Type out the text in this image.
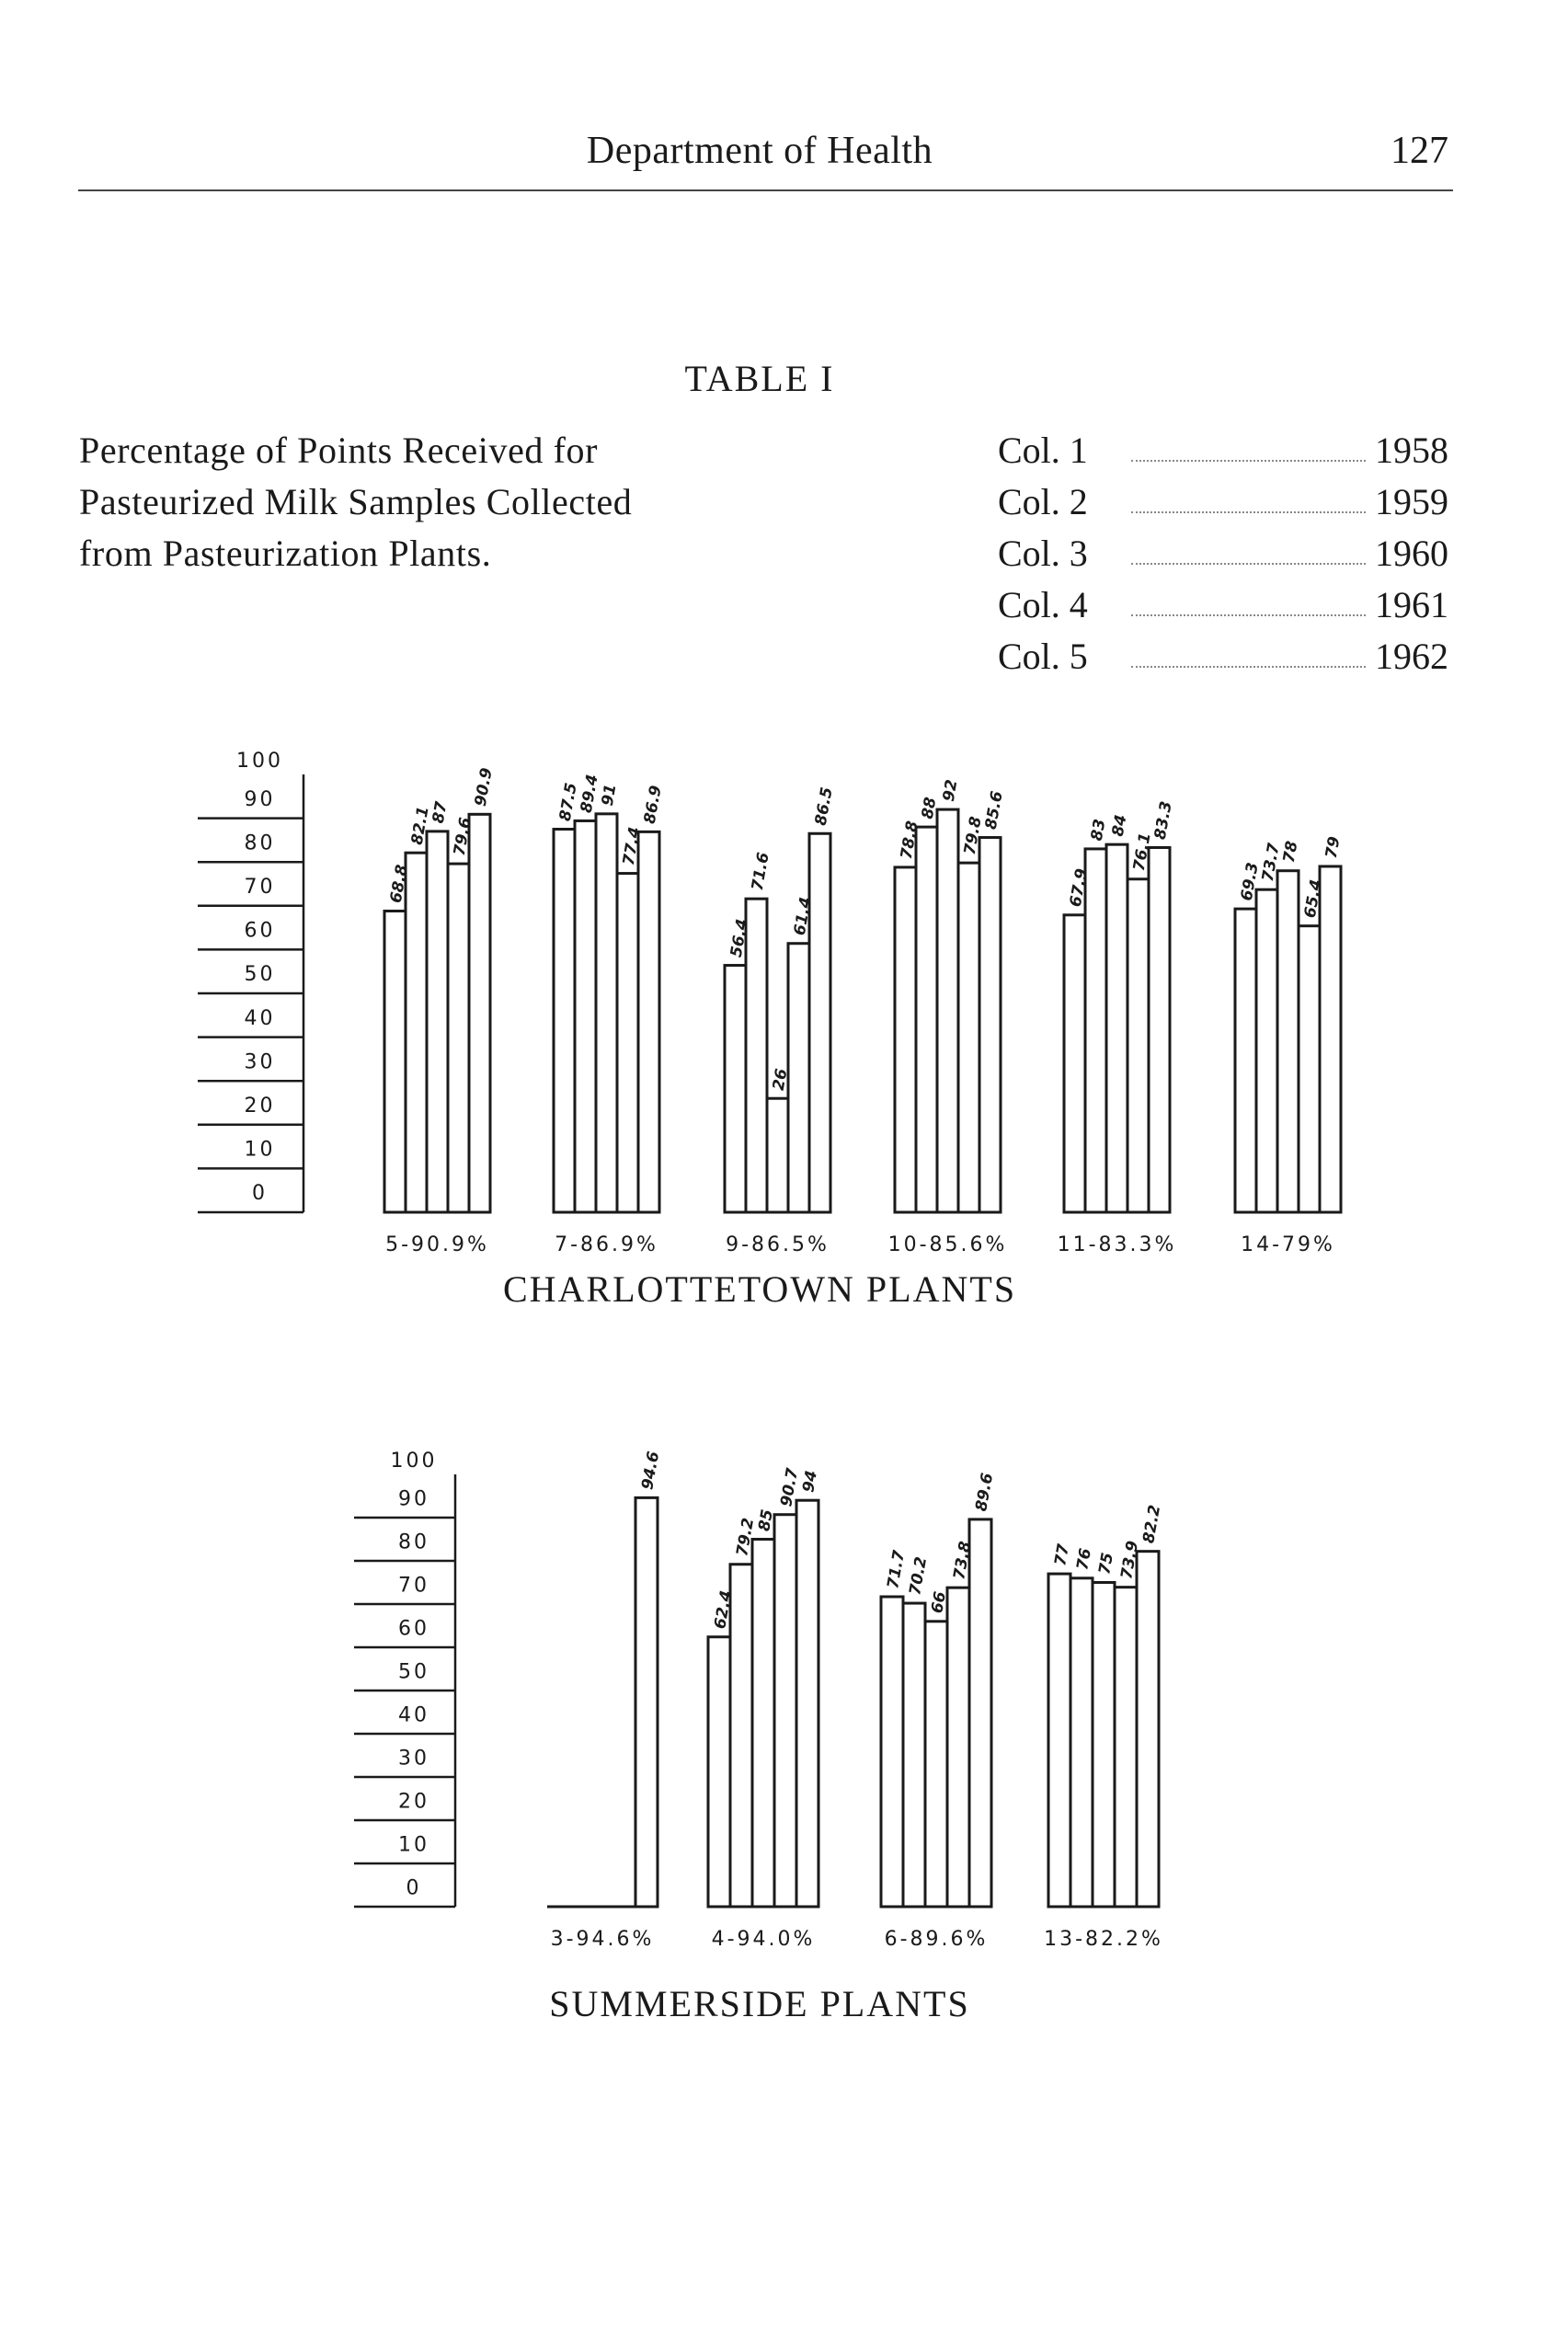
Department of Health	127
TABLE I
Percentage of Points Received for
Pasteurized Milk Samples Collected
from Pasteurization Plants.
Col. 1	1958
Col. 2	1959
Col. 3	1960
Col. 4	1961
Col. 5	1962
100
90
80
70
60
50
40
30
20
10
0
68.8
82.1
87
79.6
90.9
5-90.9%
87.5
89.4
91
77.4
86.9
7-86.9%
56.4
71.6
26
61.4
86.5
9-86.5%
78.8
88
92
79.8
85.6
10-85.6%
67.9
83 84
76.1
83.3
11-83.3%
69.3
73.7
78
65.4
79
14-79%
CHARLOTTETOWN PLANTS
100
90
80
70
60
50
40
30
20
10
0
94.6
3-94.6%
62.4
79.2
85
90.7
94
4-94.0%
71.7
70.2
66
73.8
89.6
6-89.6%
77 76 75 73.9
82.2
13-82.2%
SUMMERSIDE PLANTS
